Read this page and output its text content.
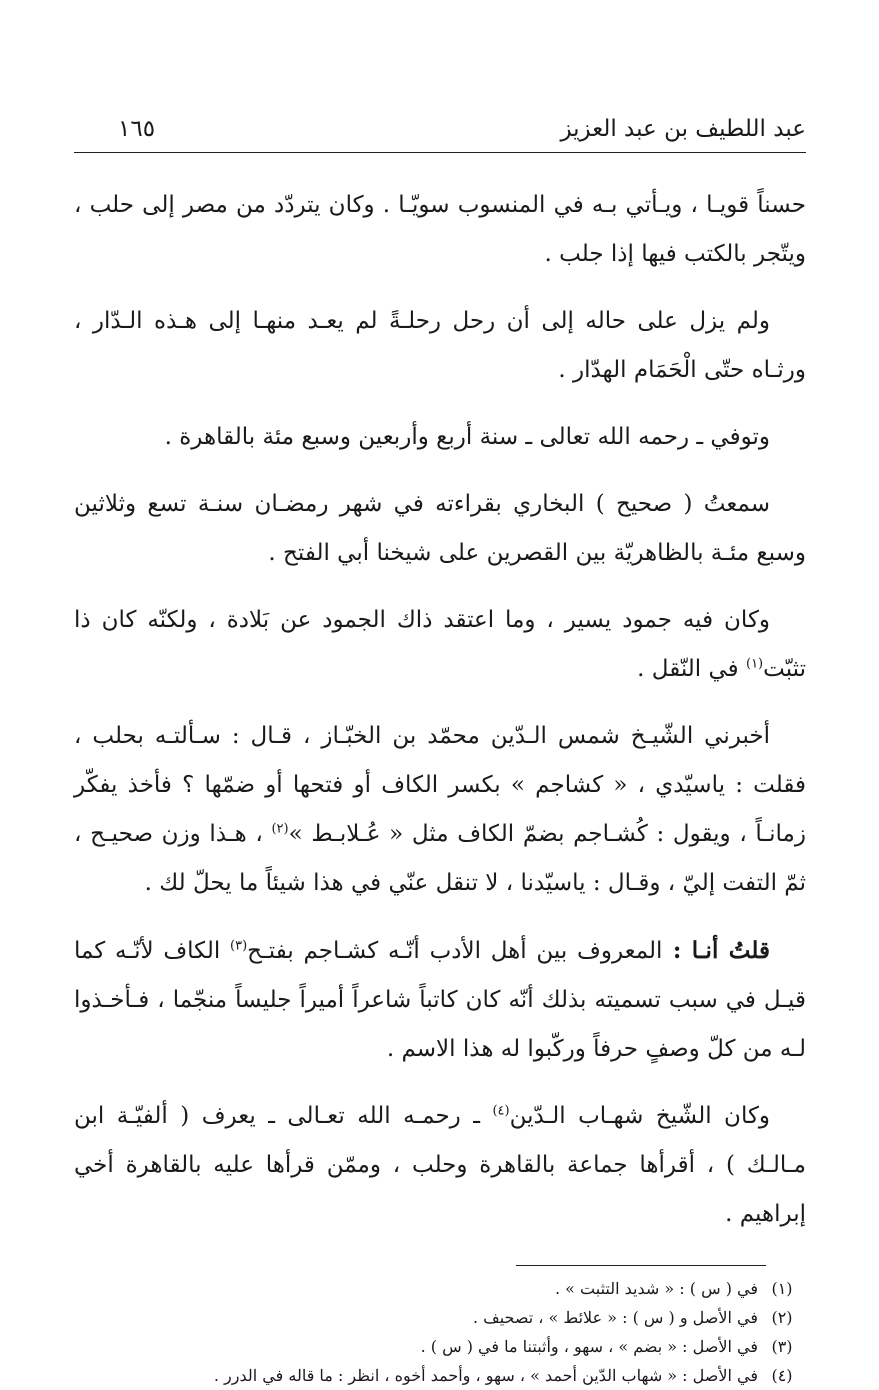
عبد اللطيف بن عبد العزيز
١٦٥

حسناً قويـا ، ويـأتي بـه في المنسوب سويّـا . وكان يتردّد من مصر إلى حلب ، ويتّجر بالكتب فيها إذا جلب .

ولم يزل على حاله إلى أن رحل رحلـةً لم يعـد منهـا إلى هـذه الـدّار ، ورثـاه حتّى الْحَمَام الهدّار .

وتوفي ـ رحمه الله تعالى ـ سنة أربع وأربعين وسبع مئة بالقاهرة .

سمعتُ ( صحيح ) البخاري بقراءته في شهر رمضـان سنـة تسع وثلاثين وسبع مئـة بالظاهريّة بين القصرين على شيخنا أبي الفتح .

وكان فيه جمود يسير ، وما اعتقد ذاك الجمود عن بَلادة ، ولكنّه كان ذا تثبّت$^{(١)}$ في النّقل .

أخبرني الشّيـخ شمس الـدّين محمّد بن الخبّـاز ، قـال : سـألتـه بحلب ، فقلت : ياسيّدي ، « كشاجم » بكسر الكاف أو فتحها أو ضمّها ؟ فأخذ يفكّر زمانـاً ، ويقول : كُشـاجم بضمّ الكاف مثل « عُـلابـط »$^{(٢)}$ ، هـذا وزن صحيـح ، ثمّ التفت إليّ ، وقـال : ياسيّدنا ، لا تنقل عنّي في هذا شيئاً ما يحلّ لك .

قلتُ أنـا : المعروف بين أهل الأدب أنّـه كشـاجم بفتـح$^{(٣)}$ الكاف لأنّـه كما قيـل في سبب تسميته بذلك أنّه كان كاتباً شاعراً أميراً جليساً منجّما ، فـأخـذوا لـه من كلّ وصفٍ حرفاً وركّبوا له هذا الاسم .

وكان الشّيخ شهـاب الـدّين$^{(٤)}$ ـ رحمـه الله تعـالى ـ يعرف ( ألفيّـة ابن مـالـك ) ، أقرأها جماعة بالقاهرة وحلب ، وممّن قرأها عليه بالقاهرة أخي إبراهيم .

(١)
في ( س ) : « شديد التثبت » .
(٢)
في الأصل و ( س ) : « علائط » ، تصحيف .
(٣)
في الأصل : « بضم » ، سهو ، وأثبتنا ما في ( س ) .
(٤)
في الأصل : « شهاب الدّين أحمد » ، سهو ، وأحمد أخوه ، انظر : ما قاله في الدرر .
